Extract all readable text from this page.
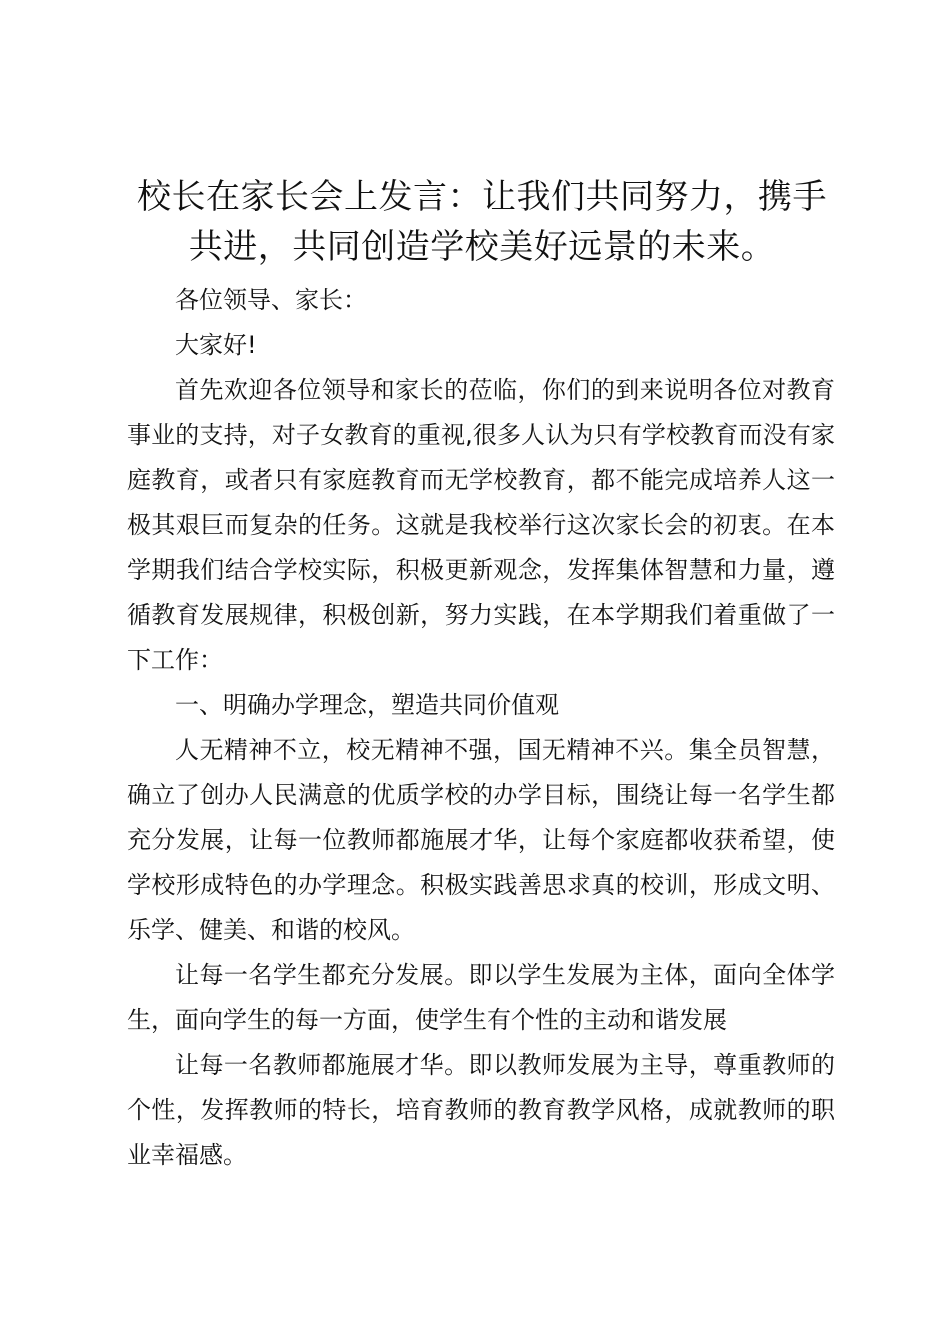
校长在家长会上发言：让我们共同努力，携手共进，共同创造学校美好远景的未来。

各位领导、家长：

大家好!

首先欢迎各位领导和家长的莅临，你们的到来说明各位对教育事业的支持，对子女教育的重视,很多人认为只有学校教育而没有家庭教育，或者只有家庭教育而无学校教育，都不能完成培养人这一极其艰巨而复杂的任务。这就是我校举行这次家长会的初衷。在本学期我们结合学校实际，积极更新观念，发挥集体智慧和力量，遵循教育发展规律，积极创新，努力实践，在本学期我们着重做了一下工作：

一、明确办学理念，塑造共同价值观

人无精神不立，校无精神不强，国无精神不兴。集全员智慧，确立了创办人民满意的优质学校的办学目标，围绕让每一名学生都充分发展，让每一位教师都施展才华，让每个家庭都收获希望，使学校形成特色的办学理念。积极实践善思求真的校训，形成文明、乐学、健美、和谐的校风。

让每一名学生都充分发展。即以学生发展为主体，面向全体学生，面向学生的每一方面，使学生有个性的主动和谐发展

让每一名教师都施展才华。即以教师发展为主导，尊重教师的个性，发挥教师的特长，培育教师的教育教学风格，成就教师的职业幸福感。
